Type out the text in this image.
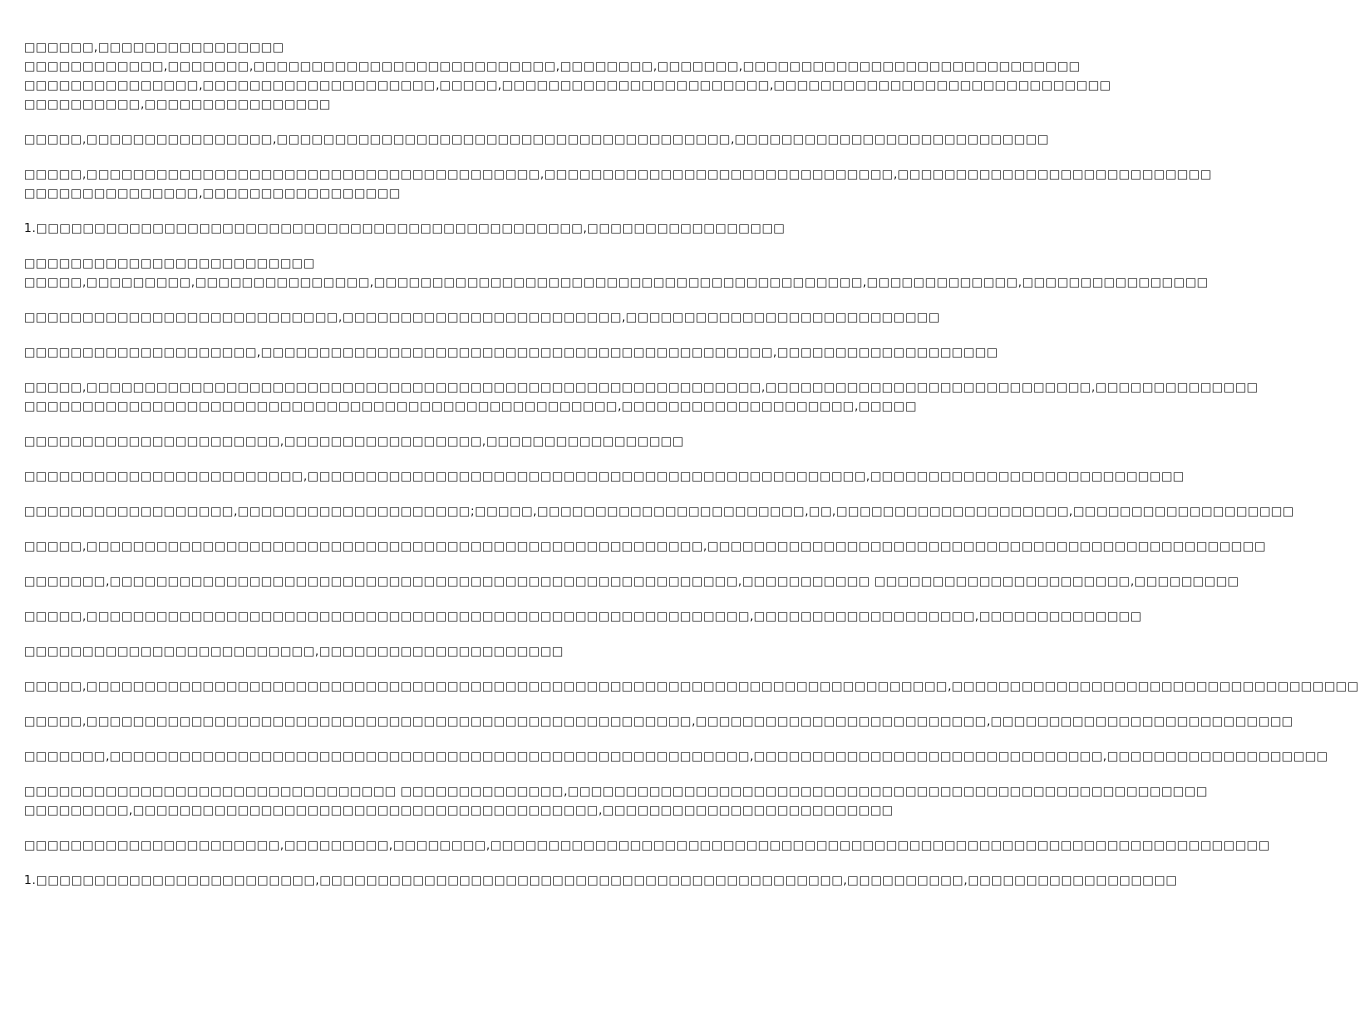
□□□□□□,□□□□□□□□□□□□□□□□
□□□□□□□□□□□□,□□□□□□□,□□□□□□□□□□□□□□□□□□□□□□□□□□,□□□□□□□□,□□□□□□□,□□□□□□□□□□□□□□□□□□□□□□□□□□□□□
□□□□□□□□□□□□□□□,□□□□□□□□□□□□□□□□□□□□,□□□□□,□□□□□□□□□□□□□□□□□□□□□□□,□□□□□□□□□□□□□□□□□□□□□□□□□□□□□
□□□□□□□□□□,□□□□□□□□□□□□□□□□
□□□□□,□□□□□□□□□□□□□□□□,□□□□□□□□□□□□□□□□□□□□□□□□□□□□□□□□□□□□□□□,□□□□□□□□□□□□□□□□□□□□□□□□□□□
□□□□□,□□□□□□□□□□□□□□□□□□□□□□□□□□□□□□□□□□□□□□□,□□□□□□□□□□□□□□□□□□□□□□□□□□□□□□,□□□□□□□□□□□□□□□□□□□□□□□□□□□
□□□□□□□□□□□□□□□,□□□□□□□□□□□□□□□□□
1.□□□□□□□□□□□□□□□□□□□□□□□□□□□□□□□□□□□□□□□□□□□□□□□,□□□□□□□□□□□□□□□□□
□□□□□□□□□□□□□□□□□□□□□□□□□
□□□□□,□□□□□□□□□,□□□□□□□□□□□□□□□,□□□□□□□□□□□□□□□□□□□□□□□□□□□□□□□□□□□□□□□□□□,□□□□□□□□□□□□□,□□□□□□□□□□□□□□□□
□□□□□□□□□□□□□□□□□□□□□□□□□□□,□□□□□□□□□□□□□□□□□□□□□□□□,□□□□□□□□□□□□□□□□□□□□□□□□□□□
□□□□□□□□□□□□□□□□□□□□,□□□□□□□□□□□□□□□□□□□□□□□□□□□□□□□□□□□□□□□□□□□□,□□□□□□□□□□□□□□□□□□□
□□□□□,□□□□□□□□□□□□□□□□□□□□□□□□□□□□□□□□□□□□□□□□□□□□□□□□□□□□□□□□□□,□□□□□□□□□□□□□□□□□□□□□□□□□□□□,□□□□□□□□□□□□□□
□□□□□□□□□□□□□□□□□□□□□□□□□□□□□□□□□□□□□□□□□□□□□□□□□□□,□□□□□□□□□□□□□□□□□□□□,□□□□□
□□□□□□□□□□□□□□□□□□□□□□,□□□□□□□□□□□□□□□□□,□□□□□□□□□□□□□□□□□
□□□□□□□□□□□□□□□□□□□□□□□□,□□□□□□□□□□□□□□□□□□□□□□□□□□□□□□□□□□□□□□□□□□□□□□□□,□□□□□□□□□□□□□□□□□□□□□□□□□□□
□□□□□□□□□□□□□□□□□□,□□□□□□□□□□□□□□□□□□□□;□□□□□,□□□□□□□□□□□□□□□□□□□□□□□,□□,□□□□□□□□□□□□□□□□□□□□,□□□□□□□□□□□□□□□□□□□
□□□□□,□□□□□□□□□□□□□□□□□□□□□□□□□□□□□□□□□□□□□□□□□□□□□□□□□□□□□,□□□□□□□□□□□□□□□□□□□□□□□□□□□□□□□□□□□□□□□□□□□□□□□□
□□□□□□□,□□□□□□□□□□□□□□□□□□□□□□□□□□□□□□□□□□□□□□□□□□□□□□□□□□□□□□,□□□□□□□□□□□ □□□□□□□□□□□□□□□□□□□□□□,□□□□□□□□□
□□□□□,□□□□□□□□□□□□□□□□□□□□□□□□□□□□□□□□□□□□□□□□□□□□□□□□□□□□□□□□□,□□□□□□□□□□□□□□□□□□□,□□□□□□□□□□□□□□
□□□□□□□□□□□□□□□□□□□□□□□□□,□□□□□□□□□□□□□□□□□□□□□
□□□□□,□□□□□□□□□□□□□□□□□□□□□□□□□□□□□□□□□□□□□□□□□□□□□□□□□□□□□□□□□□□□□□□□□□□□□□□□□□,□□□□□□□□□□□□□□□□□□□□□□□□□□□□□□□□□□□
□□□□□,□□□□□□□□□□□□□□□□□□□□□□□□□□□□□□□□□□□□□□□□□□□□□□□□□□□□,□□□□□□□□□□□□□□□□□□□□□□□□□,□□□□□□□□□□□□□□□□□□□□□□□□□□
□□□□□□□,□□□□□□□□□□□□□□□□□□□□□□□□□□□□□□□□□□□□□□□□□□□□□□□□□□□□□□□,□□□□□□□□□□□□□□□□□□□□□□□□□□□□□□,□□□□□□□□□□□□□□□□□□□
□□□□□□□□□□□□□□□□□□□□□□□□□□□□□□□□ □□□□□□□□□□□□□□,□□□□□□□□□□□□□□□□□□□□□□□□□□□□□□□□□□□□□□□□□□□□□□□□□□□□□□□
□□□□□□□□□,□□□□□□□□□□□□□□□□□□□□□□□□□□□□□□□□□□□□□□□□,□□□□□□□□□□□□□□□□□□□□□□□□□
□□□□□□□□□□□□□□□□□□□□□□,□□□□□□□□□,□□□□□□□□,□□□□□□□□□□□□□□□□□□□□□□□□□□□□□□□□□□□□□□□□□□□□□□□□□□□□□□□□□□□□□□□□□□□
1.□□□□□□□□□□□□□□□□□□□□□□□□,□□□□□□□□□□□□□□□□□□□□□□□□□□□□□□□□□□□□□□□□□□□□□,□□□□□□□□□□,□□□□□□□□□□□□□□□□□□
